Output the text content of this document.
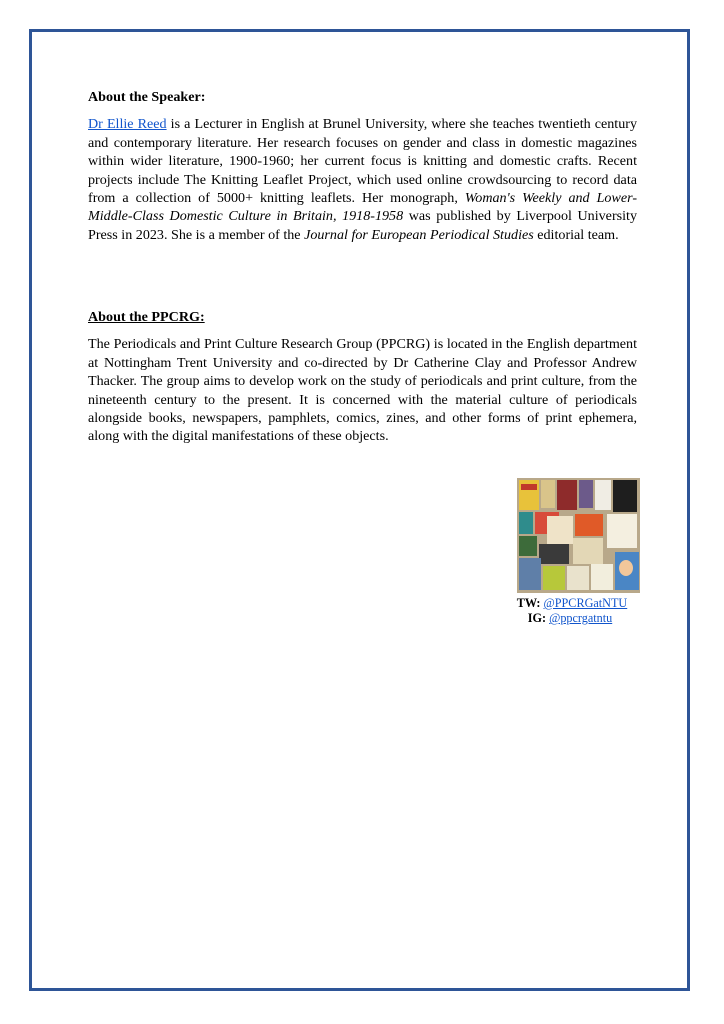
About the Speaker:

Dr Ellie Reed is a Lecturer in English at Brunel University, where she teaches twentieth century and contemporary literature. Her research focuses on gender and class in domestic magazines within wider literature, 1900-1960; her current focus is knitting and domestic crafts. Recent projects include The Knitting Leaflet Project, which used online crowdsourcing to record data from a collection of 5000+ knitting leaflets. Her monograph, Woman's Weekly and Lower-Middle-Class Domestic Culture in Britain, 1918-1958 was published by Liverpool University Press in 2023. She is a member of the Journal for European Periodical Studies editorial team.

About the PPCRG:

The Periodicals and Print Culture Research Group (PPCRG) is located in the English department at Nottingham Trent University and co-directed by Dr Catherine Clay and Professor Andrew Thacker. The group aims to develop work on the study of periodicals and print culture, from the nineteenth century to the present. It is concerned with the material culture of periodicals alongside books, newspapers, pamphlets, comics, zines, and other forms of print ephemera, along with the digital manifestations of these objects.

TW: @PPCRGatNTU
IG: @ppcrgatntu
